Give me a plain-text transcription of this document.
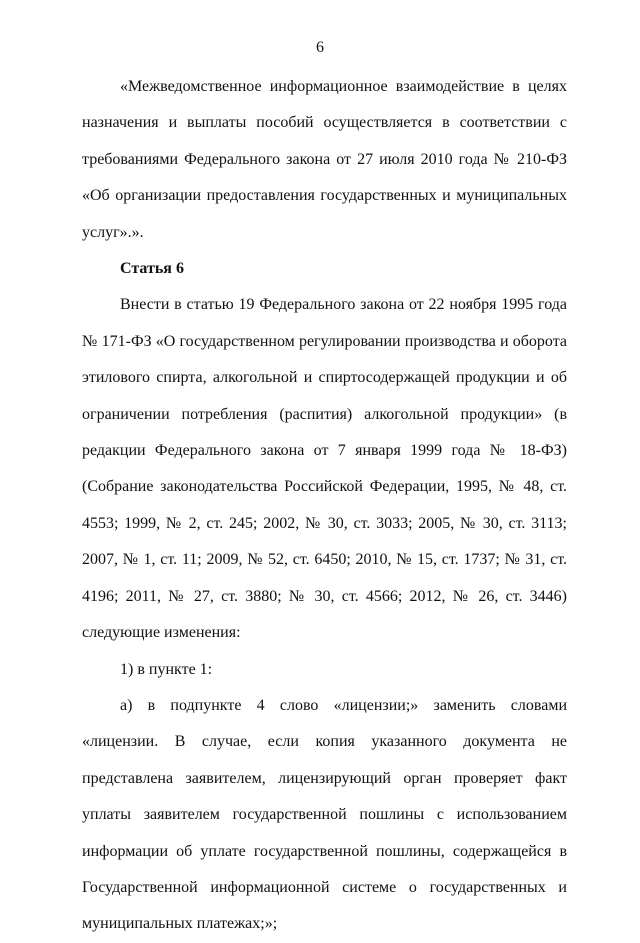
6

«Межведомственное информационное взаимодействие в целях назначения и выплаты пособий осуществляется в соответствии с требованиями Федерального закона от 27 июля 2010 года № 210-ФЗ «Об организации предоставления государственных и муниципальных услуг».».

Статья 6

Внести в статью 19 Федерального закона от 22 ноября 1995 года № 171-ФЗ «О государственном регулировании производства и оборота этилового спирта, алкогольной и спиртосодержащей продукции и об ограничении потребления (распития) алкогольной продукции» (в редакции Федерального закона от 7 января 1999 года № 18-ФЗ) (Собрание законодательства Российской Федерации, 1995, № 48, ст. 4553; 1999, № 2, ст. 245; 2002, № 30, ст. 3033; 2005, № 30, ст. 3113; 2007, № 1, ст. 11; 2009, № 52, ст. 6450; 2010, № 15, ст. 1737; № 31, ст. 4196; 2011, № 27, ст. 3880; № 30, ст. 4566; 2012, № 26, ст. 3446) следующие изменения:

1) в пункте 1:

а) в подпункте 4 слово «лицензии;» заменить словами «лицензии. В случае, если копия указанного документа не представлена заявителем, лицензирующий орган проверяет факт уплаты заявителем государственной пошлины с использованием информации об уплате государственной пошлины, содержащейся в Государственной информационной системе о государственных и муниципальных платежах;»;
